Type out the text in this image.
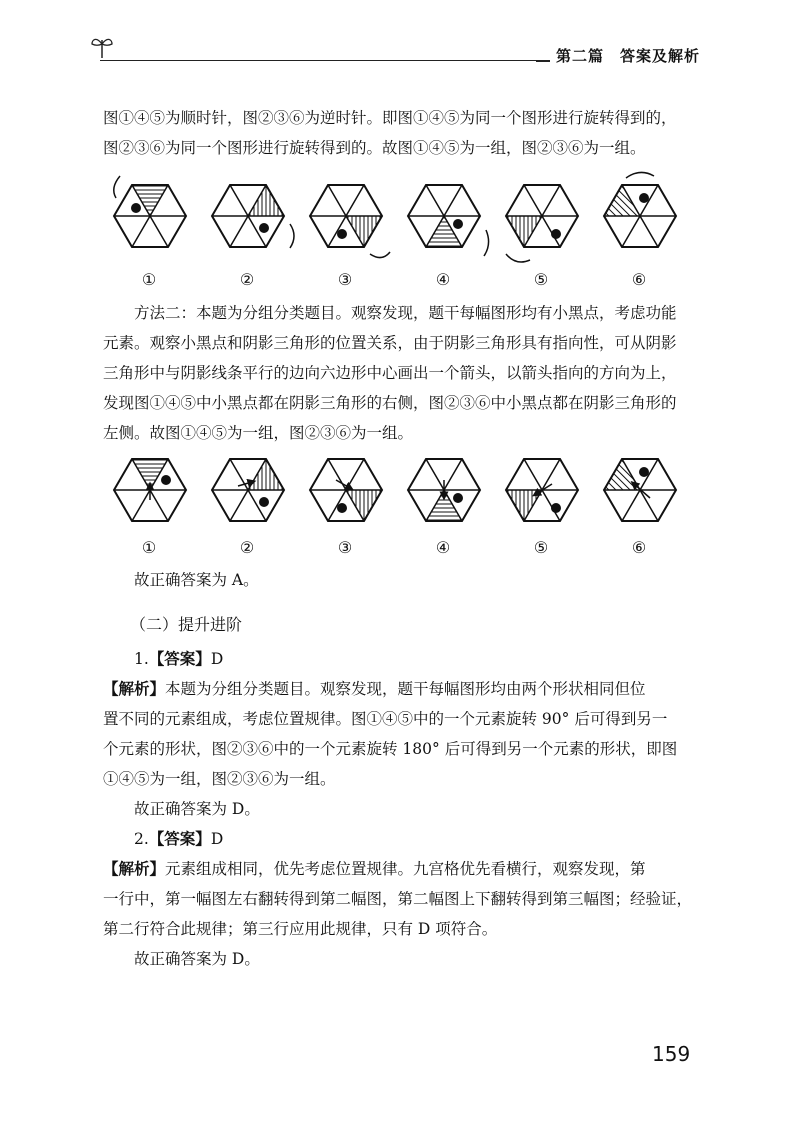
第二篇　答案及解析

图①④⑤为顺时针，图②③⑥为逆时针。即图①④⑤为同一个图形进行旋转得到的，

图②③⑥为同一个图形进行旋转得到的。故图①④⑤为一组，图②③⑥为一组。

①	②	③	④	⑤	⑥

方法二：本题为分组分类题目。观察发现，题干每幅图形均有小黑点，考虑功能

元素。观察小黑点和阴影三角形的位置关系，由于阴影三角形具有指向性，可从阴影

三角形中与阴影线条平行的边向六边形中心画出一个箭头，以箭头指向的方向为上，

发现图①④⑤中小黑点都在阴影三角形的右侧，图②③⑥中小黑点都在阴影三角形的

左侧。故图①④⑤为一组，图②③⑥为一组。

①	②	③	④	⑤	⑥

故正确答案为 A。

（二）提升进阶

1.【答案】D

【解析】本题为分组分类题目。观察发现，题干每幅图形均由两个形状相同但位

置不同的元素组成，考虑位置规律。图①④⑤中的一个元素旋转 90° 后可得到另一

个元素的形状，图②③⑥中的一个元素旋转 180° 后可得到另一个元素的形状，即图

①④⑤为一组，图②③⑥为一组。

故正确答案为 D。

2.【答案】D

【解析】元素组成相同，优先考虑位置规律。九宫格优先看横行，观察发现，第

一行中，第一幅图左右翻转得到第二幅图，第二幅图上下翻转得到第三幅图；经验证，

第二行符合此规律；第三行应用此规律，只有 D 项符合。

故正确答案为 D。

159
